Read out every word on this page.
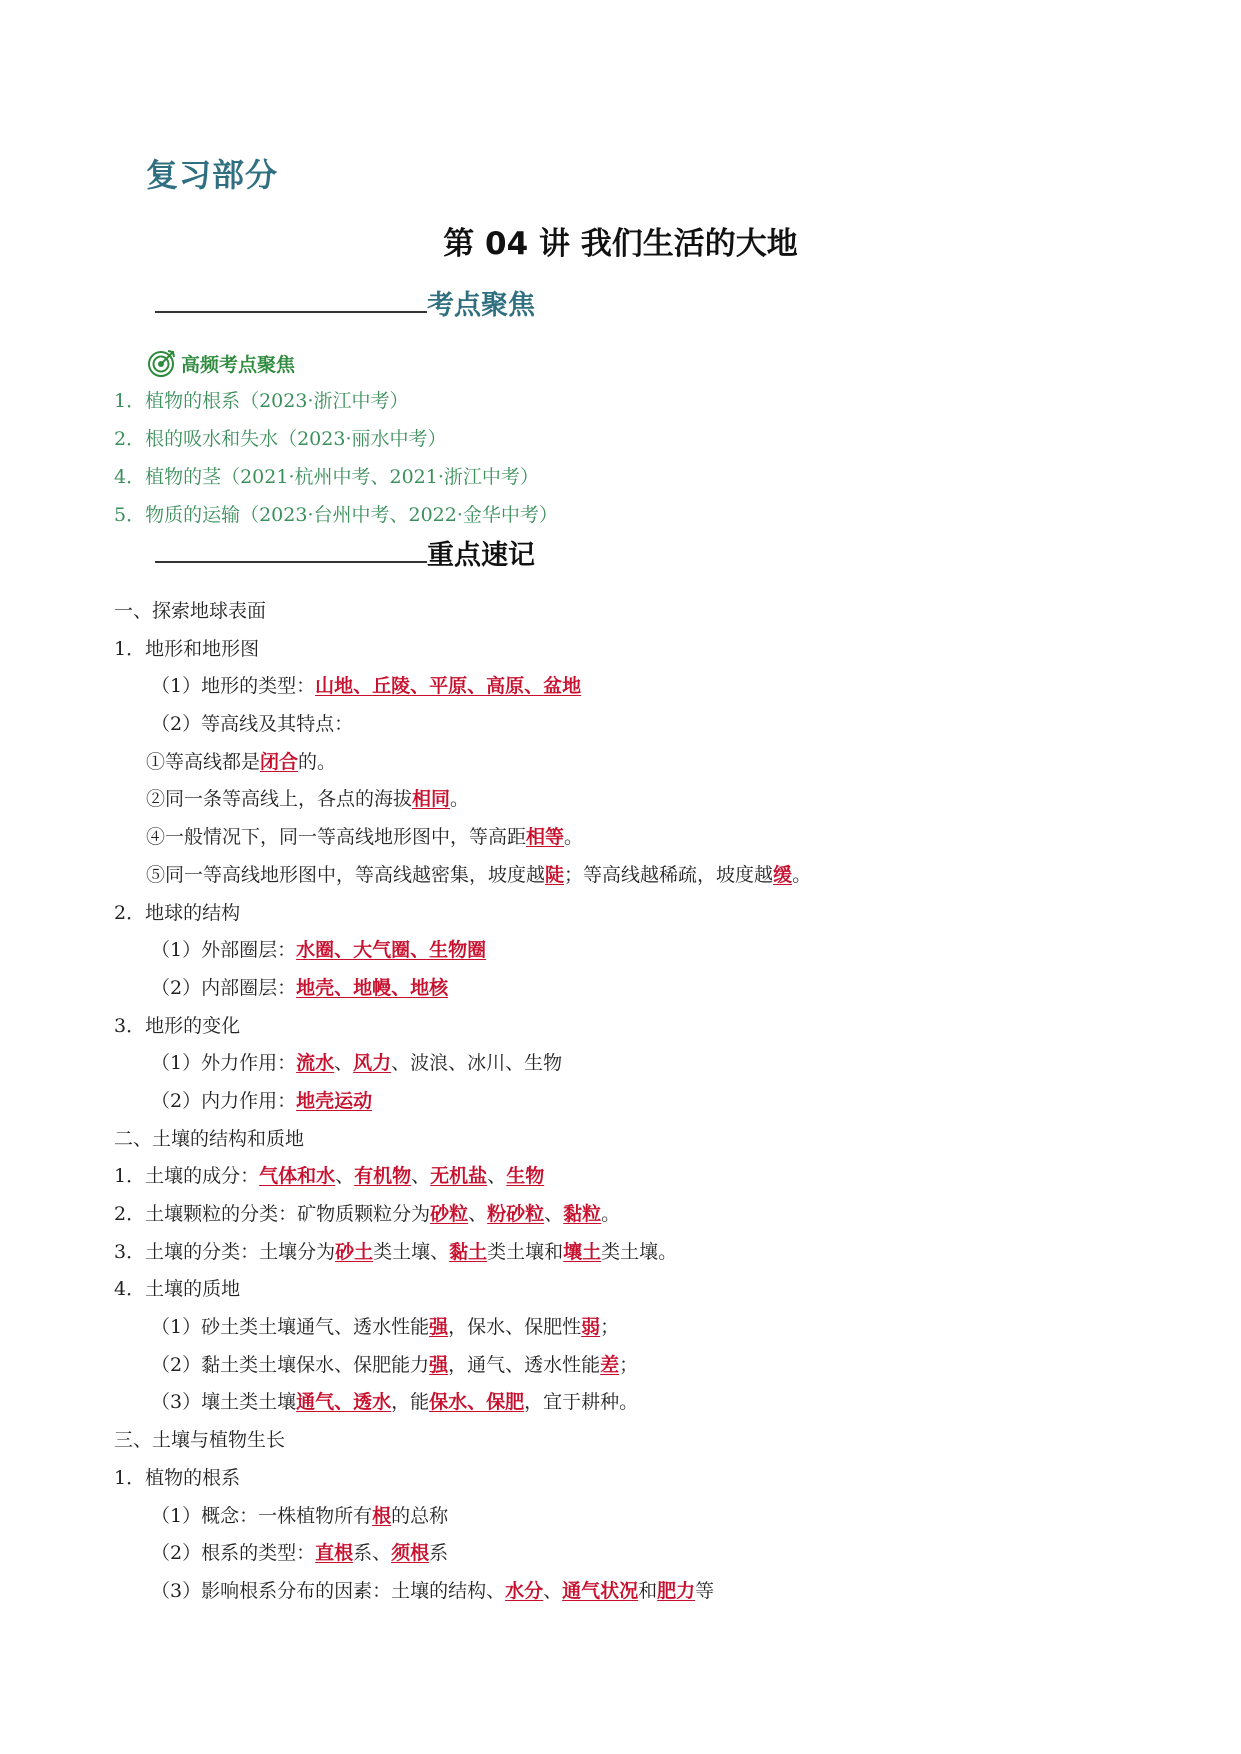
复习部分
第 04 讲 我们生活的大地
考点聚焦
高频考点聚焦
1．植物的根系（2023·浙江中考）
2．根的吸水和失水（2023·丽水中考）
4．植物的茎（2021·杭州中考、2021·浙江中考）
5．物质的运输（2023·台州中考、2022·金华中考）
重点速记
一、探索地球表面
1．地形和地形图
（1）地形的类型：山地、丘陵、平原、高原、盆地
（2）等高线及其特点：
①等高线都是闭合的。
②同一条等高线上，各点的海拔相同。
④一般情况下，同一等高线地形图中，等高距相等。
⑤同一等高线地形图中，等高线越密集，坡度越陡；等高线越稀疏，坡度越缓。
2．地球的结构
（1）外部圈层：水圈、大气圈、生物圈
（2）内部圈层：地壳、地幔、地核
3．地形的变化
（1）外力作用：流水、风力、波浪、冰川、生物
（2）内力作用：地壳运动
二、土壤的结构和质地
1．土壤的成分：气体和水、有机物、无机盐、生物
2．土壤颗粒的分类：矿物质颗粒分为砂粒、粉砂粒、黏粒。
3．土壤的分类：土壤分为砂土类土壤、黏土类土壤和壤土类土壤。
4．土壤的质地
（1）砂土类土壤通气、透水性能强，保水、保肥性弱；
（2）黏土类土壤保水、保肥能力强，通气、透水性能差；
（3）壤土类土壤通气、透水，能保水、保肥，宜于耕种。
三、土壤与植物生长
1．植物的根系
（1）概念：一株植物所有根的总称
（2）根系的类型：直根系、须根系
（3）影响根系分布的因素：土壤的结构、水分、通气状况和肥力等
